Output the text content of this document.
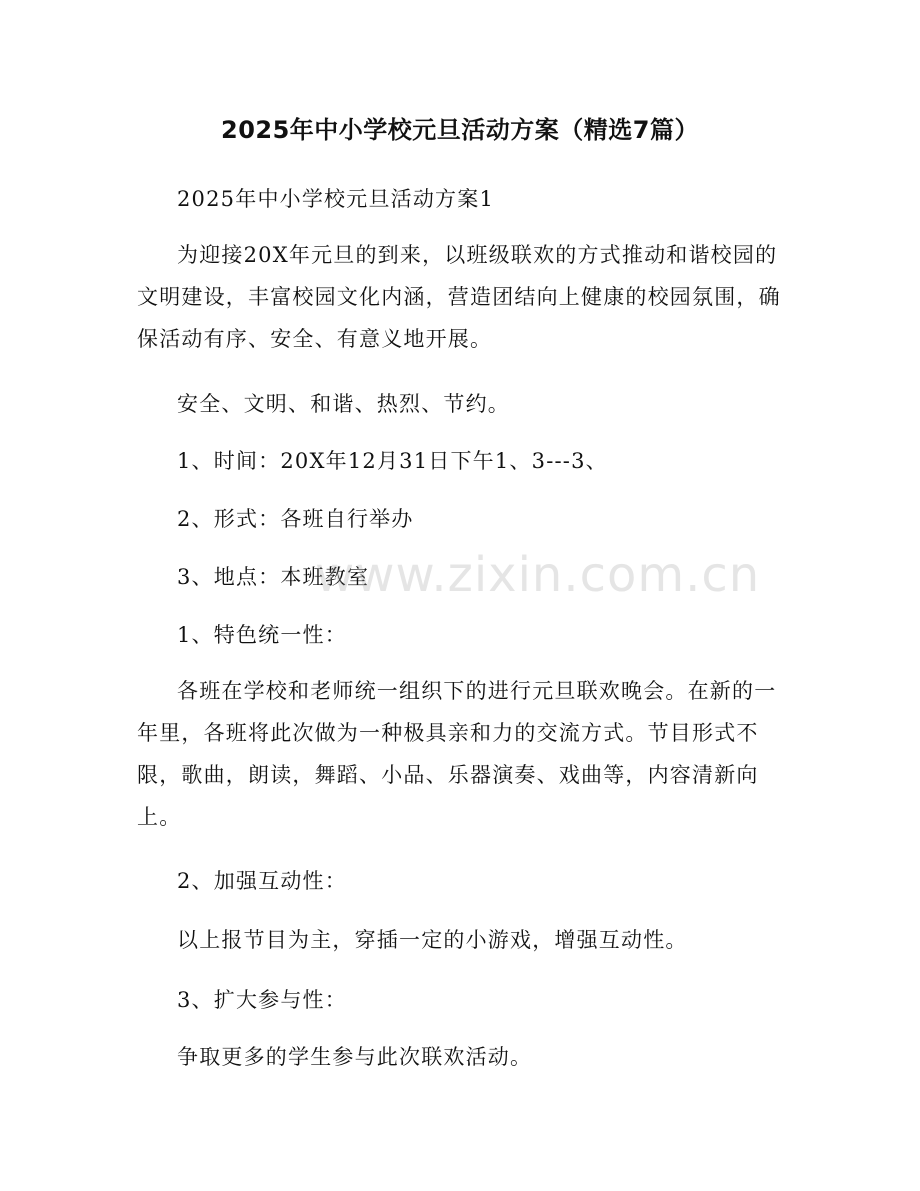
2025年中小学校元旦活动方案（精选7篇）
2025年中小学校元旦活动方案1
为迎接20X年元旦的到来，以班级联欢的方式推动和谐校园的文明建设，丰富校园文化内涵，营造团结向上健康的校园氛围，确保活动有序、安全、有意义地开展。
安全、文明、和谐、热烈、节约。
1、时间：20X年12月31日下午1、3---3、
2、形式：各班自行举办
3、地点：本班教室
1、特色统一性：
各班在学校和老师统一组织下的进行元旦联欢晚会。在新的一年里，各班将此次做为一种极具亲和力的交流方式。节目形式不限，歌曲，朗读，舞蹈、小品、乐器演奏、戏曲等，内容清新向上。
2、加强互动性：
以上报节目为主，穿插一定的小游戏，增强互动性。
3、扩大参与性：
争取更多的学生参与此次联欢活动。
www.zixin.com.cn
